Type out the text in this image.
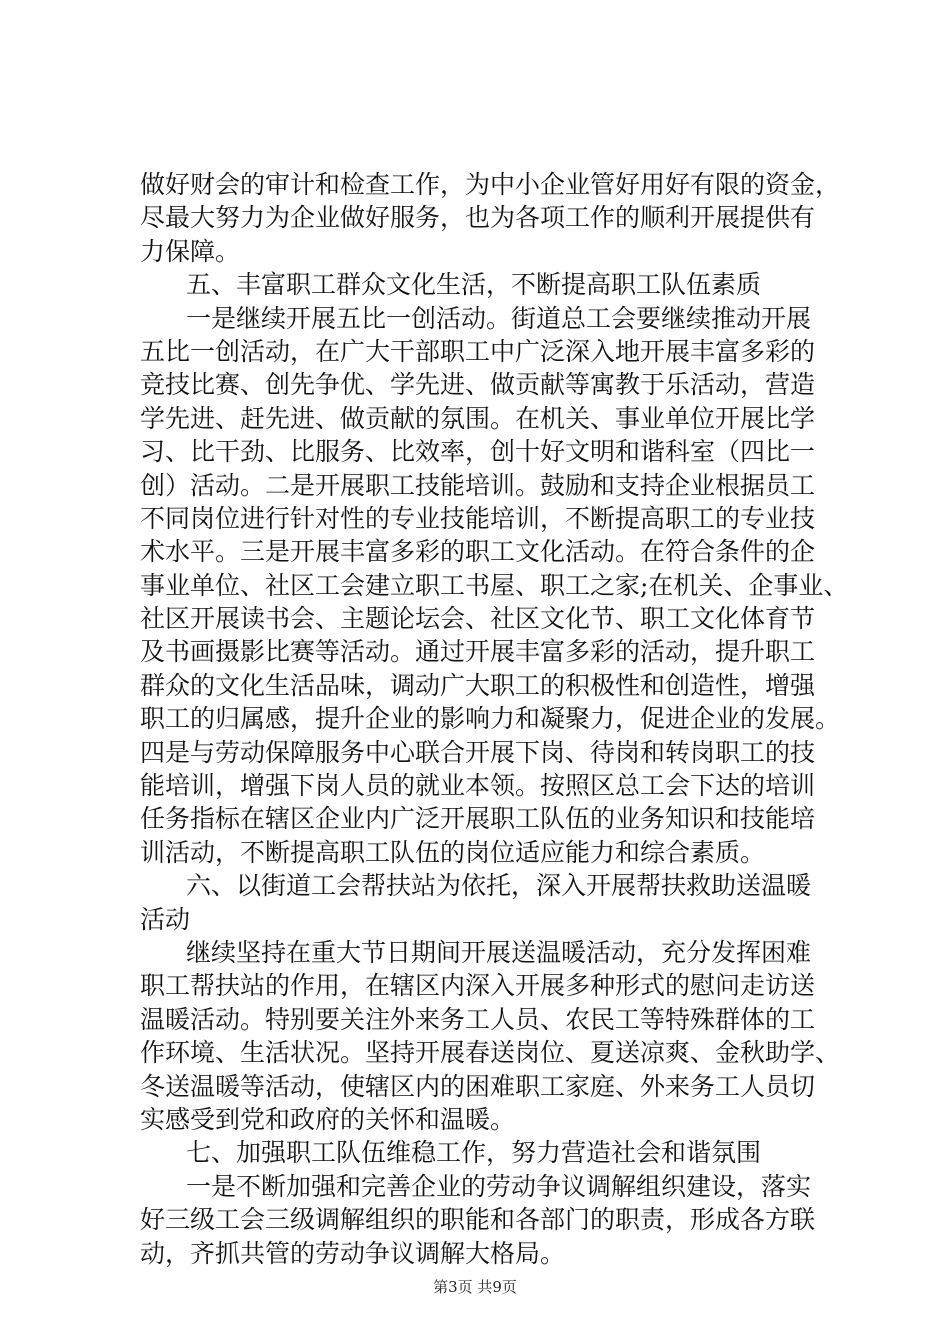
做好财会的审计和检查工作，为中小企业管好用好有限的资金，

尽最大努力为企业做好服务，也为各项工作的顺利开展提供有

力保障。

五、丰富职工群众文化生活，不断提高职工队伍素质

一是继续开展五比一创活动。街道总工会要继续推动开展

五比一创活动，在广大干部职工中广泛深入地开展丰富多彩的

竞技比赛、创先争优、学先进、做贡献等寓教于乐活动，营造

学先进、赶先进、做贡献的氛围。在机关、事业单位开展比学

习、比干劲、比服务、比效率，创十好文明和谐科室（四比一

创）活动。二是开展职工技能培训。鼓励和支持企业根据员工

不同岗位进行针对性的专业技能培训，不断提高职工的专业技

术水平。三是开展丰富多彩的职工文化活动。在符合条件的企

事业单位、社区工会建立职工书屋、职工之家;在机关、企事业、

社区开展读书会、主题论坛会、社区文化节、职工文化体育节

及书画摄影比赛等活动。通过开展丰富多彩的活动，提升职工

群众的文化生活品味，调动广大职工的积极性和创造性，增强

职工的归属感，提升企业的影响力和凝聚力，促进企业的发展。

四是与劳动保障服务中心联合开展下岗、待岗和转岗职工的技

能培训，增强下岗人员的就业本领。按照区总工会下达的培训

任务指标在辖区企业内广泛开展职工队伍的业务知识和技能培

训活动，不断提高职工队伍的岗位适应能力和综合素质。

六、以街道工会帮扶站为依托，深入开展帮扶救助送温暖

活动

继续坚持在重大节日期间开展送温暖活动，充分发挥困难

职工帮扶站的作用，在辖区内深入开展多种形式的慰问走访送

温暖活动。特别要关注外来务工人员、农民工等特殊群体的工

作环境、生活状况。坚持开展春送岗位、夏送凉爽、金秋助学、

冬送温暖等活动，使辖区内的困难职工家庭、外来务工人员切

实感受到党和政府的关怀和温暖。

七、加强职工队伍维稳工作，努力营造社会和谐氛围

一是不断加强和完善企业的劳动争议调解组织建设，落实

好三级工会三级调解组织的职能和各部门的职责，形成各方联

动，齐抓共管的劳动争议调解大格局。

第3页 共9页
